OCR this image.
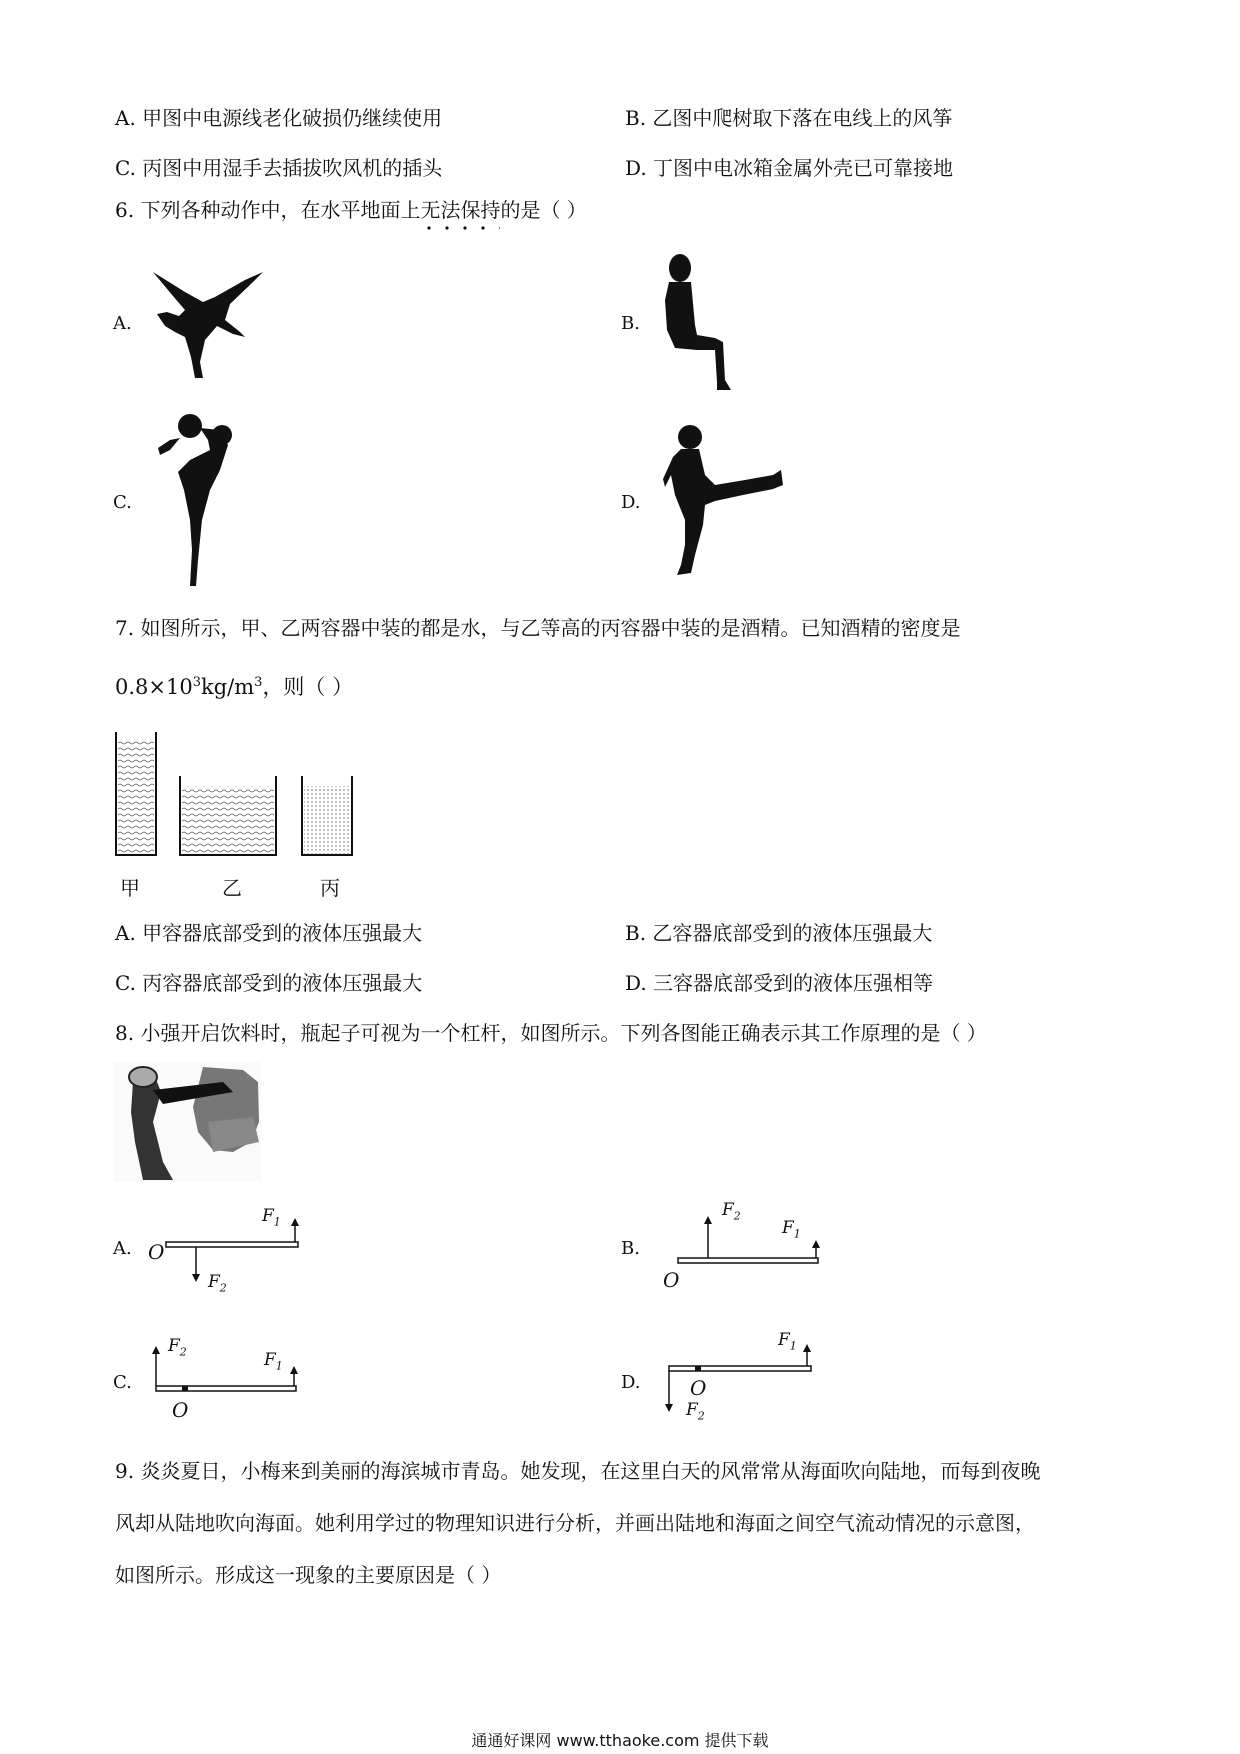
A. 甲图中电源线老化破损仍继续使用	B. 乙图中爬树取下落在电线上的风筝
C. 丙图中用湿手去插拔吹风机的插头	D. 丁图中电冰箱金属外壳已可靠接地
6. 下列各种动作中，在水平地面上无法保持
的是（ ）
A.	B.
C.	D.
7. 如图所示，甲、乙两容器中装的都是水，与乙等高的丙容器中装的是酒精。已知酒精的密度是
$0.8\times 10^3kg/m^3$，则（ ）
甲	乙	丙
A. 甲容器底部受到的液体压强最大	B. 乙容器底部受到的液体压强最大
C. 丙容器底部受到的液体压强最大	D. 三容器底部受到的液体压强相等
8. 小强开启饮料时，瓶起子可视为一个杠杆，如图所示。下列各图能正确表示其工作原理的是（ ）
A. O
$F_1$
$F_2$
B.
O
$F_2$
$F_1$
C.
O
$F_2$	$F_1$
D. O
$F_2$
$F_1$
9. 炎炎夏日，小梅来到美丽的海滨城市青岛。她发现，在这里白天的风常常从海面吹向陆地，而每到夜晚
风却从陆地吹向海面。她利用学过的物理知识进行分析，并画出陆地和海面之间空气流动情况的示意图，
如图所示。形成这一现象的主要原因是（ ）
通通好课网 www.tthaoke.com 提供下载
